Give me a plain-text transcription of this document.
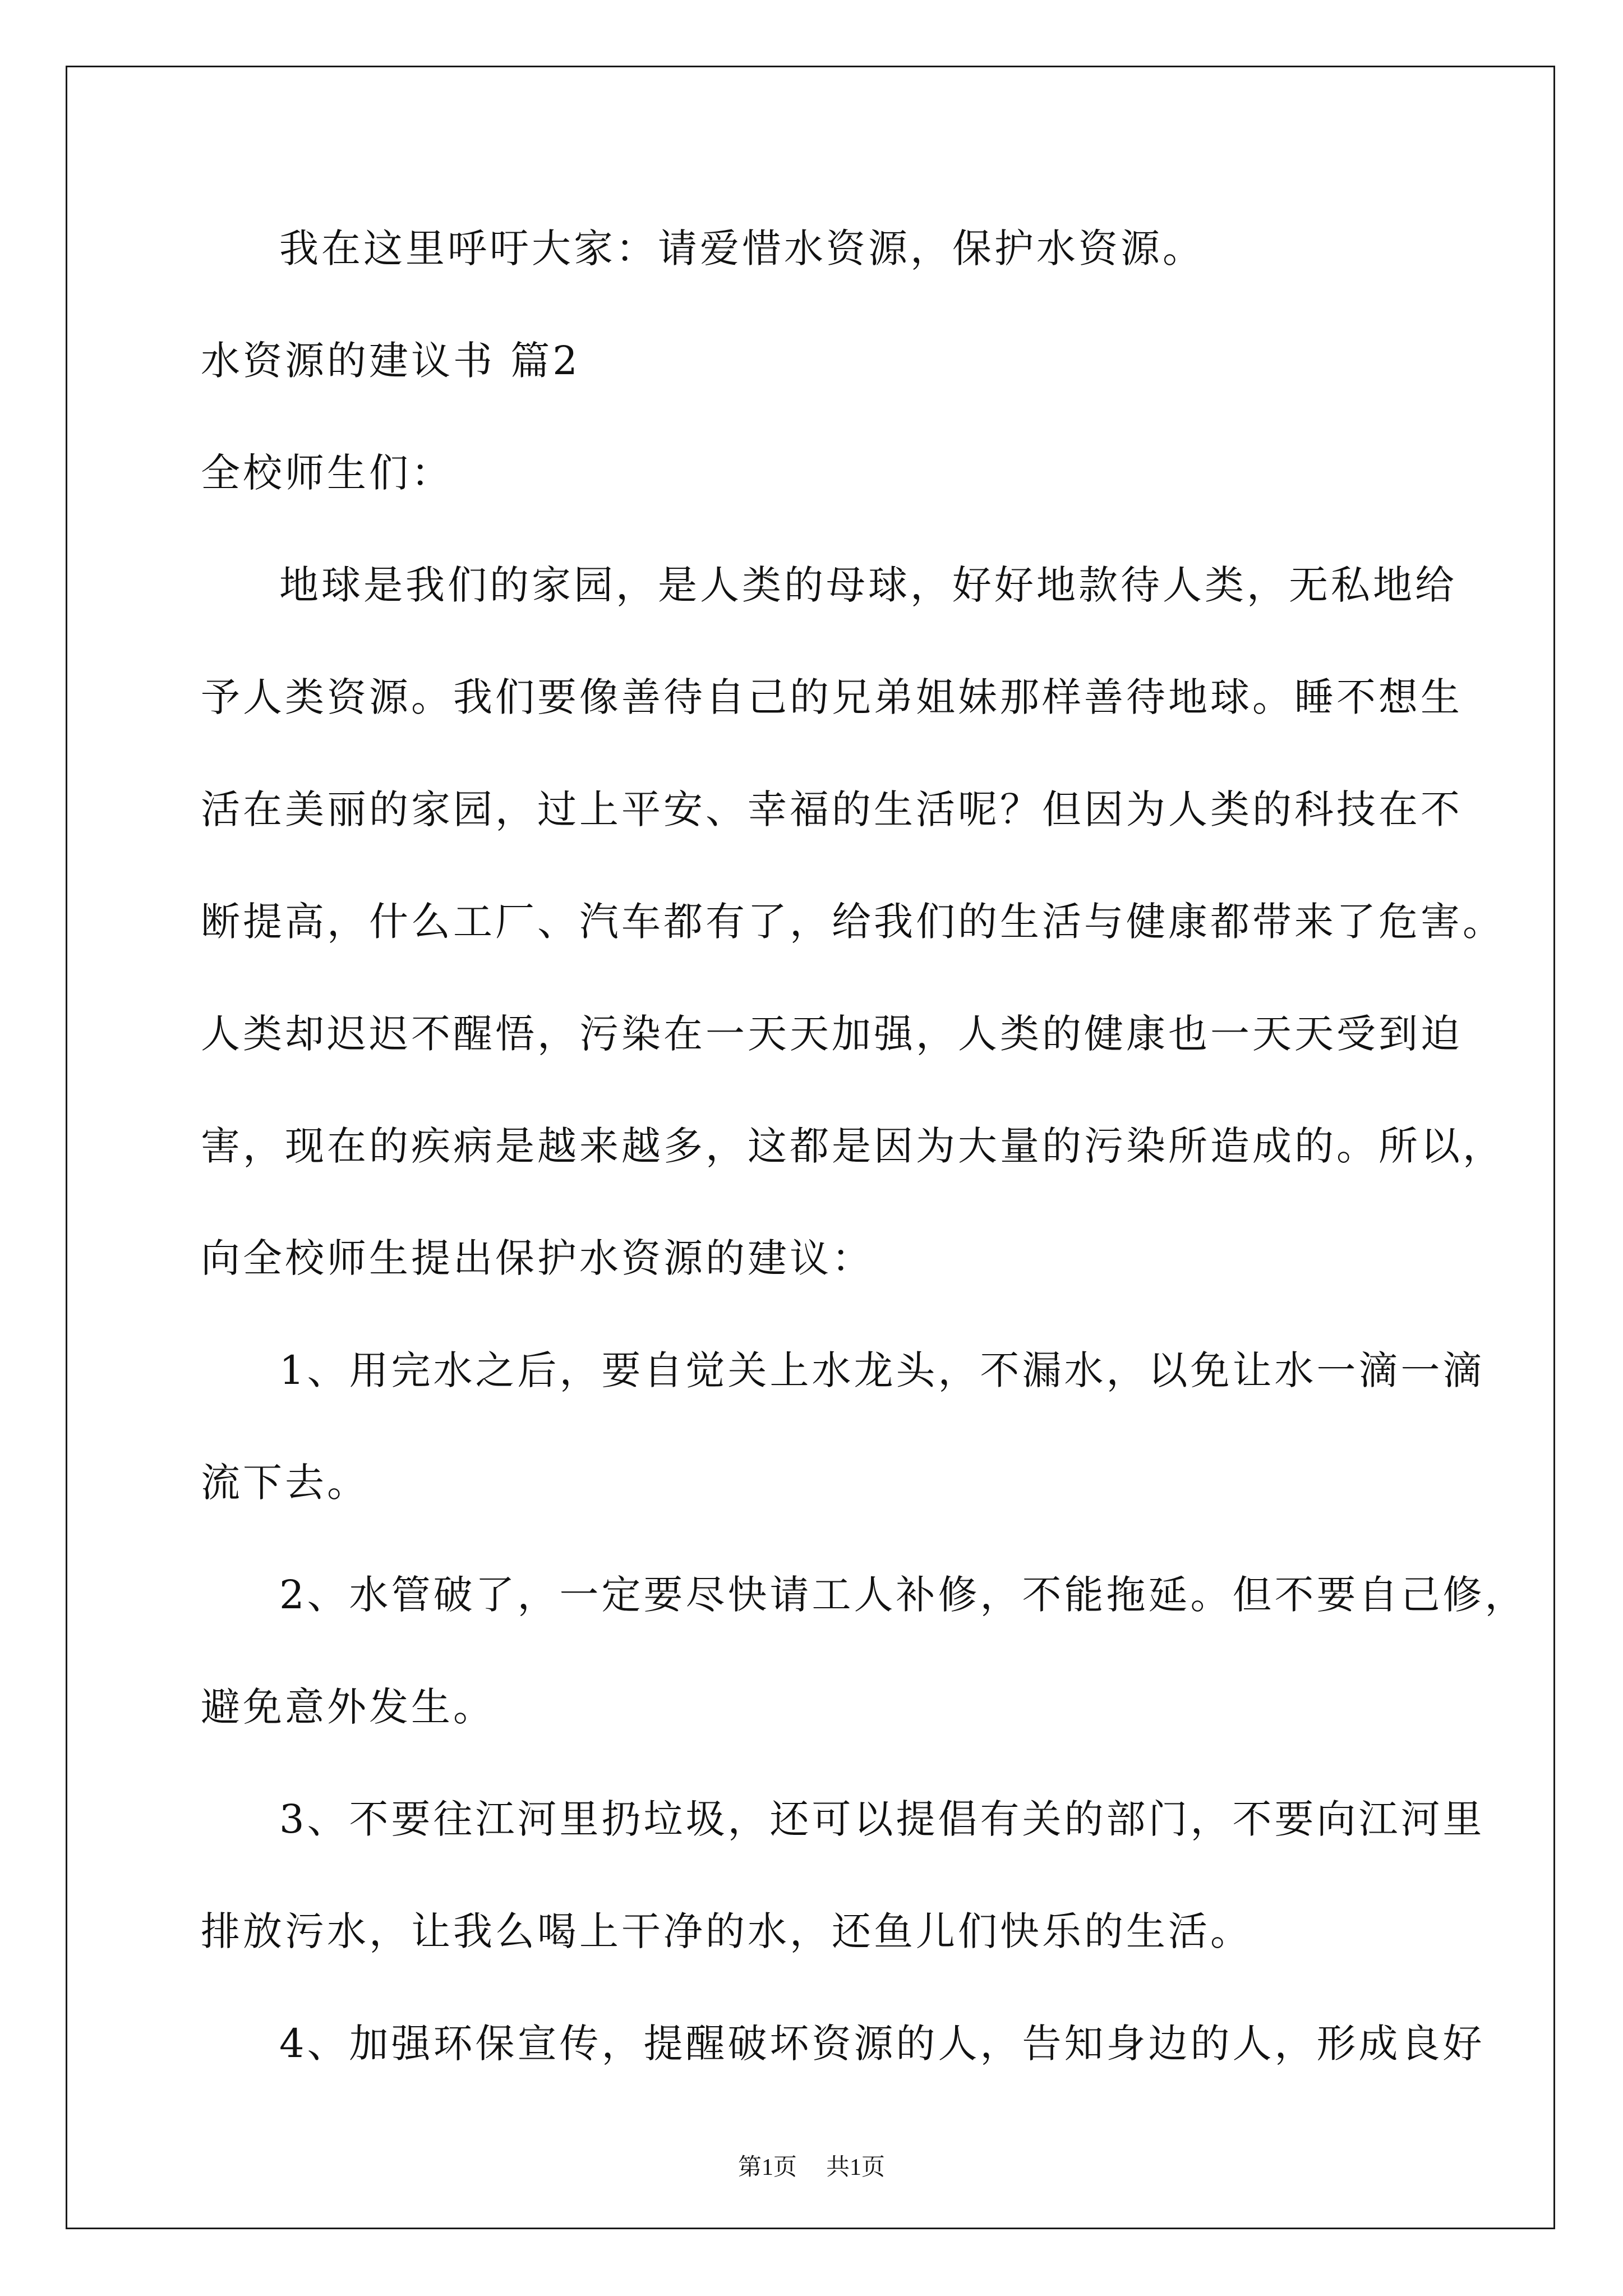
我在这里呼吁大家：请爱惜水资源，保护水资源。
水资源的建议书 篇2
全校师生们：
地球是我们的家园，是人类的母球，好好地款待人类，无私地给
予人类资源。我们要像善待自己的兄弟姐妹那样善待地球。睡不想生
活在美丽的家园，过上平安、幸福的生活呢？但因为人类的科技在不
断提高，什么工厂、汽车都有了，给我们的生活与健康都带来了危害。
人类却迟迟不醒悟，污染在一天天加强，人类的健康也一天天受到迫
害，现在的疾病是越来越多，这都是因为大量的污染所造成的。所以，
向全校师生提出保护水资源的建议：
1、用完水之后，要自觉关上水龙头，不漏水，以免让水一滴一滴
流下去。
2、水管破了，一定要尽快请工人补修，不能拖延。但不要自己修，
避免意外发生。
3、不要往江河里扔垃圾，还可以提倡有关的部门，不要向江河里
排放污水，让我么喝上干净的水，还鱼儿们快乐的生活。
4、加强环保宣传，提醒破坏资源的人，告知身边的人，形成良好
第1页 共1页
